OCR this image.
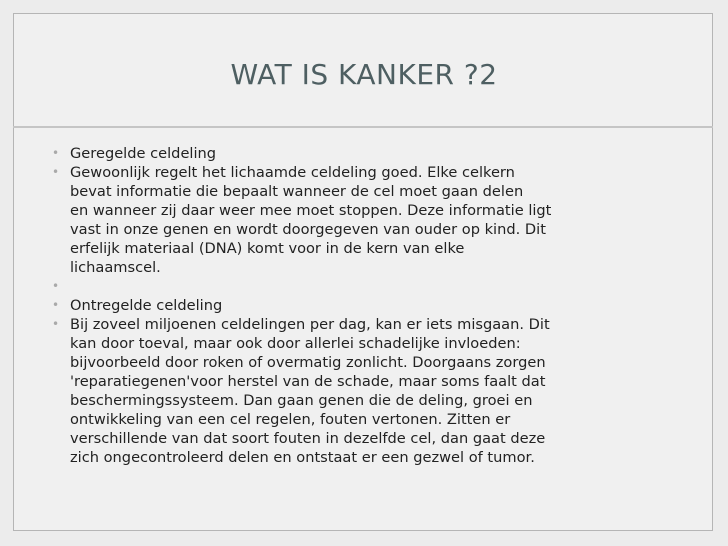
WAT IS KANKER ?2
• Geregelde celdeling
• Gewoonlijk regelt het lichaamde celdeling goed. Elke celkern
bevat informatie die bepaalt wanneer de cel moet gaan delen
en wanneer zij daar weer mee moet stoppen. Deze informatie ligt
vast in onze genen en wordt doorgegeven van ouder op kind. Dit
erfelijk materiaal (DNA) komt voor in de kern van elke
lichaamscel.
•
• Ontregelde celdeling
• Bij zoveel miljoenen celdelingen per dag, kan er iets misgaan. Dit
kan door toeval, maar ook door allerlei schadelijke invloeden:
bijvoorbeeld door roken of overmatig zonlicht. Doorgaans zorgen
'reparatiegenen'voor herstel van de schade, maar soms faalt dat
beschermingssysteem. Dan gaan genen die de deling, groei en
ontwikkeling van een cel regelen, fouten vertonen. Zitten er
verschillende van dat soort fouten in dezelfde cel, dan gaat deze
zich ongecontroleerd delen en ontstaat er een gezwel of tumor.
